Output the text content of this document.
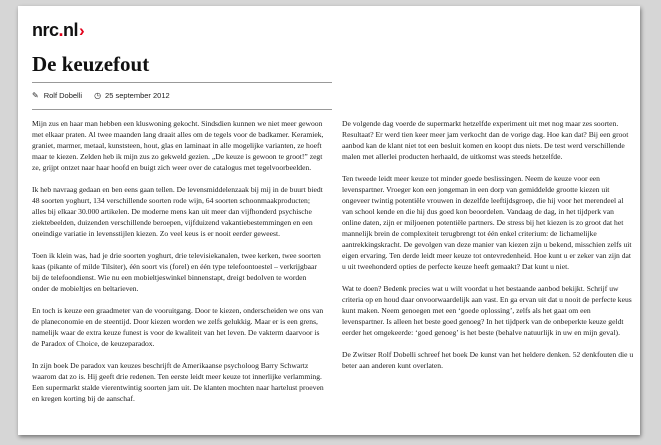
nrc.nl›
De keuzefout
✎ Rolf Dobelli ◷ 25 september 2012

Mijn zus en haar man hebben een kluswoning gekocht. Sindsdien kunnen we niet meer gewoon met elkaar praten. Al twee maanden lang draait alles om de tegels voor de badkamer. Keramiek, graniet, marmer, metaal, kunststeen, hout, glas en laminaat in alle mogelijke varianten, ze hoeft maar te kiezen. Zelden heb ik mijn zus zo gekweld gezien. „De keuze is gewoon te groot!” zegt ze, grijpt ontzet naar haar hoofd en buigt zich weer over de catalogus met tegelvoorbeelden.

Ik heb navraag gedaan en ben eens gaan tellen. De levensmiddelenzaak bij mij in de buurt biedt 48 soorten yoghurt, 134 verschillende soorten rode wijn, 64 soorten schoonmaakproducten; alles bij elkaar 30.000 artikelen. De moderne mens kan uit meer dan vijfhonderd psychische ziektebeelden, duizenden verschillende beroepen, vijfduizend vakantiebestemmingen en een oneindige variatie in levensstijlen kiezen. Zo veel keus is er nooit eerder geweest.

Toen ik klein was, had je drie soorten yoghurt, drie televisiekanalen, twee kerken, twee soorten kaas (pikante of milde Tilsiter), één soort vis (forel) en één type telefoontoestel – verkrijgbaar bij de telefoondienst. Wie nu een mobieltjeswinkel binnenstapt, dreigt bedolven te worden onder de mobieltjes en beltarieven.

En toch is keuze een graadmeter van de vooruitgang. Door te kiezen, onderscheiden we ons van de planeconomie en de steentijd. Door kiezen worden we zelfs gelukkig. Maar er is een grens, namelijk waar de extra keuze funest is voor de kwaliteit van het leven. De vakterm daarvoor is de Paradox of Choice, de keuzeparadox.

In zijn boek De paradox van keuzes beschrijft de Amerikaanse psycholoog Barry Schwartz waarom dat zo is. Hij geeft drie redenen. Ten eerste leidt meer keuze tot innerlijke verlamming. Een supermarkt stalde vierentwintig soorten jam uit. De klanten mochten naar hartelust proeven en kregen korting bij de aanschaf.

De volgende dag voerde de supermarkt hetzelfde experiment uit met nog maar zes soorten. Resultaat? Er werd tien keer meer jam verkocht dan de vorige dag. Hoe kan dat? Bij een groot aanbod kan de klant niet tot een besluit komen en koopt dus niets. De test werd verschillende malen met allerlei producten herhaald, de uitkomst was steeds hetzelfde.

Ten tweede leidt meer keuze tot minder goede beslissingen. Neem de keuze voor een levenspartner. Vroeger kon een jongeman in een dorp van gemiddelde grootte kiezen uit ongeveer twintig potentiële vrouwen in dezelfde leeftijdsgroep, die hij voor het merendeel al van school kende en die hij dus goed kon beoordelen. Vandaag de dag, in het tijdperk van online daten, zijn er miljoenen potentiële partners. De stress bij het kiezen is zo groot dat het mannelijk brein de complexiteit terugbrengt tot één enkel criterium: de lichamelijke aantrekkingskracht. De gevolgen van deze manier van kiezen zijn u bekend, misschien zelfs uit eigen ervaring. Ten derde leidt meer keuze tot ontevredenheid. Hoe kunt u er zeker van zijn dat u uit tweehonderd opties de perfecte keuze heeft gemaakt? Dat kunt u niet.

Wat te doen? Bedenk precies wat u wilt voordat u het bestaande aanbod bekijkt. Schrijf uw criteria op en houd daar onvoorwaardelijk aan vast. En ga ervan uit dat u nooit de perfecte keus kunt maken. Neem genoegen met een ‘goede oplossing’, zelfs als het gaat om een levenspartner. Is alleen het beste goed genoeg? In het tijdperk van de onbeperkte keuze geldt eerder het omgekeerde: ‘goed genoeg’ is het beste (behalve natuurlijk in uw en mijn geval).

De Zwitser Rolf Dobelli schreef het boek De kunst van het heldere denken. 52 denkfouten die u beter aan anderen kunt overlaten.
